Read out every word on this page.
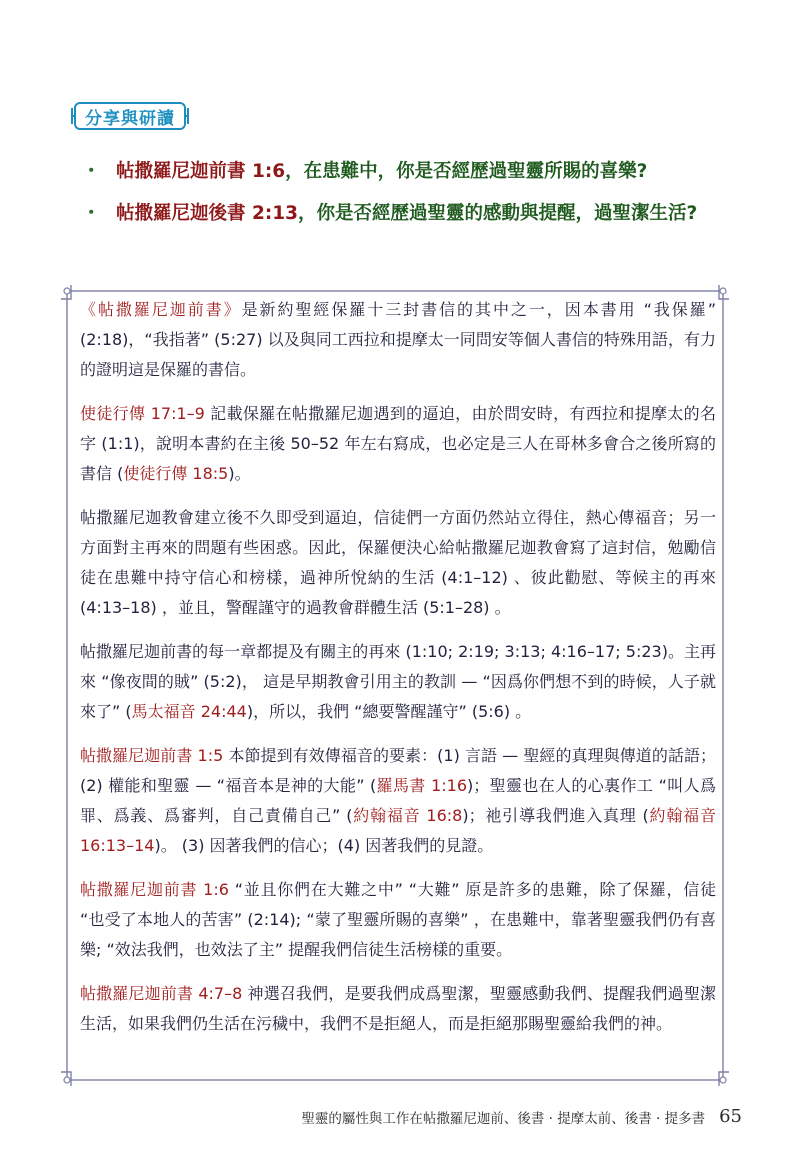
分享與研讀
・ 帖撒羅尼迦前書 1:6，在患難中，你是否經歷過聖靈所賜的喜樂?
・ 帖撒羅尼迦後書 2:13，你是否經歷過聖靈的感動與提醒，過聖潔生活?

《帖撒羅尼迦前書》是新約聖經保羅十三封書信的其中之一，因本書用 “我保羅” (2:18)，“我指著” (5:27) 以及與同工西拉和提摩太一同問安等個人書信的特殊用語，有力的證明這是保羅的書信。

使徒行傳 17:1–9 記載保羅在帖撒羅尼迦遇到的逼迫，由於問安時，有西拉和提摩太的名字 (1:1)，說明本書約在主後 50–52 年左右寫成，也必定是三人在哥林多會合之後所寫的書信 (使徒行傳 18:5)。

帖撒羅尼迦教會建立後不久即受到逼迫，信徒們一方面仍然站立得住，熱心傳福音；另一方面對主再來的問題有些困惑。因此，保羅便決心給帖撒羅尼迦教會寫了這封信，勉勵信徒在患難中持守信心和榜樣，過神所悅納的生活 (4:1–12) 、彼此勸慰、等候主的再來 (4:13–18) ，並且，警醒謹守的過教會群體生活 (5:1–28) 。

帖撒羅尼迦前書的每一章都提及有關主的再來 (1:10; 2:19; 3:13; 4:16–17; 5:23)。主再來 “像夜間的賊” (5:2)， 這是早期教會引用主的教訓 — “因爲你們想不到的時候，人子就來了” (馬太福音 24:44)，所以，我們 “總要警醒謹守” (5:6) 。

帖撒羅尼迦前書 1:5 本節提到有效傳福音的要素：(1) 言語 — 聖經的真理與傳道的話語；(2) 權能和聖靈 — “福音本是神的大能” (羅馬書 1:16)；聖靈也在人的心裏作工 “叫人爲罪、爲義、爲審判，自己責備自己” (約翰福音 16:8)；祂引導我們進入真理 (約翰福音 16:13–14)。 (3) 因著我們的信心；(4) 因著我們的見證。

帖撒羅尼迦前書 1:6 “並且你們在大難之中” “大難” 原是許多的患難，除了保羅，信徒 “也受了本地人的苦害” (2:14); “蒙了聖靈所賜的喜樂” ，在患難中，靠著聖靈我們仍有喜樂; “效法我們，也效法了主” 提醒我們信徒生活榜樣的重要。

帖撒羅尼迦前書 4:7–8 神選召我們，是要我們成爲聖潔，聖靈感動我們、提醒我們過聖潔生活，如果我們仍生活在污穢中，我們不是拒絕人，而是拒絕那賜聖靈給我們的神。

聖靈的屬性與工作在帖撒羅尼迦前、後書 · 提摩太前、後書 · 提多書 65
